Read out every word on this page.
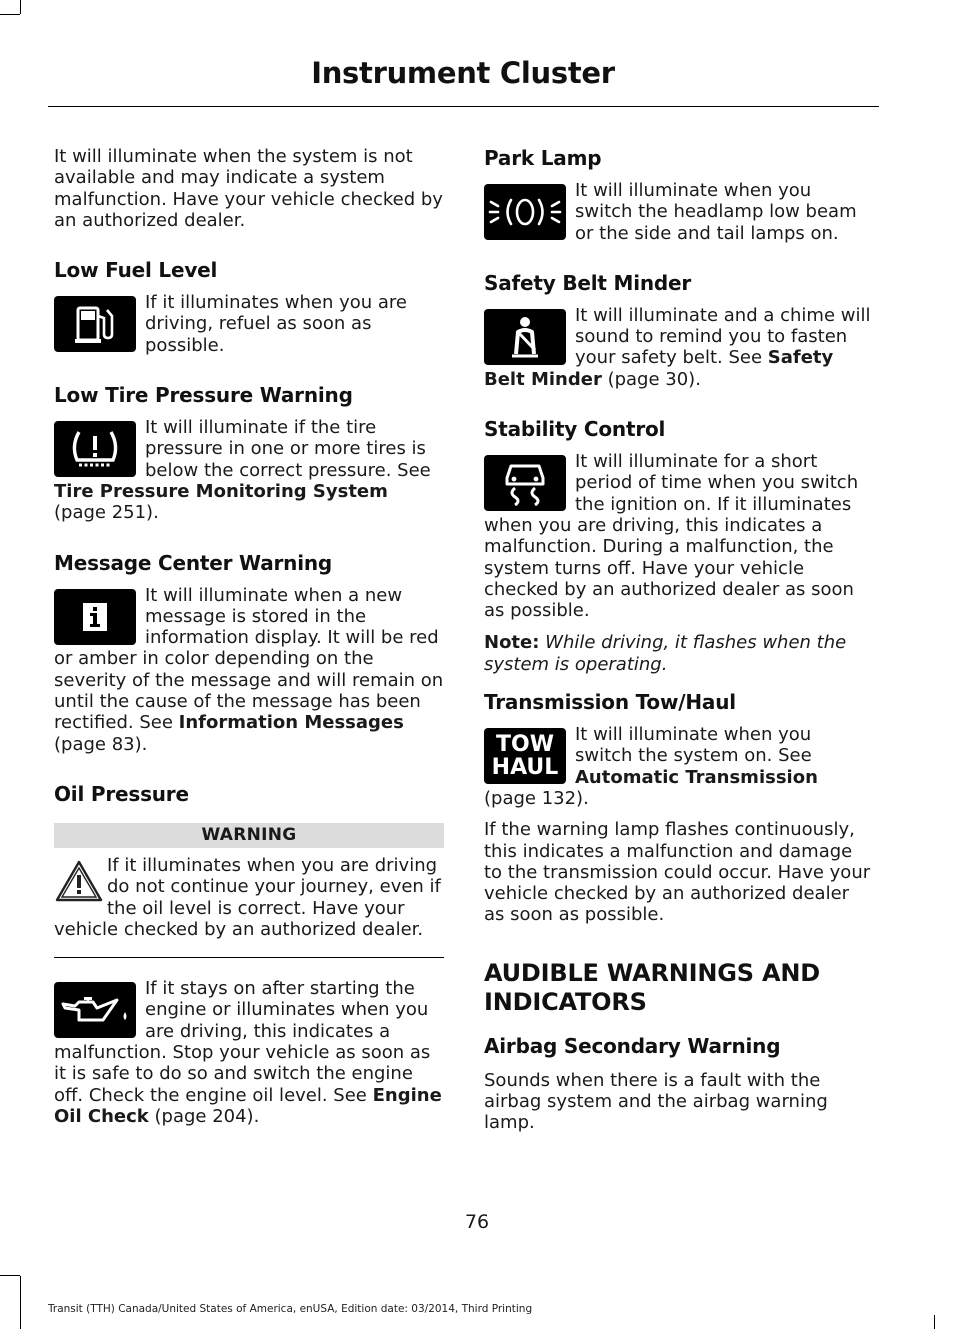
Instrument Cluster

It will illuminate when the system is not available and may indicate a system malfunction. Have your vehicle checked by an authorized dealer.

Low Fuel Level

If it illuminates when you are driving, refuel as soon as possible.

Low Tire Pressure Warning

It will illuminate if the tire pressure in one or more tires is below the correct pressure. See Tire Pressure Monitoring System (page 251).

Message Center Warning

It will illuminate when a new message is stored in the information display. It will be red or amber in color depending on the severity of the message and will remain on until the cause of the message has been rectified. See Information Messages (page 83).

Oil Pressure
WARNING

If it illuminates when you are driving do not continue your journey, even if the oil level is correct. Have your vehicle checked by an authorized dealer.

If it stays on after starting the engine or illuminates when you are driving, this indicates a malfunction. Stop your vehicle as soon as it is safe to do so and switch the engine off. Check the engine oil level. See Engine Oil Check (page 204).

Park Lamp

It will illuminate when you switch the headlamp low beam or the side and tail lamps on.

Safety Belt Minder

It will illuminate and a chime will sound to remind you to fasten your safety belt. See Safety Belt Minder (page 30).

Stability Control

It will illuminate for a short period of time when you switch the ignition on. If it illuminates when you are driving, this indicates a malfunction. During a malfunction, the system turns off. Have your vehicle checked by an authorized dealer as soon as possible.

Note: While driving, it flashes when the system is operating.

Transmission Tow/Haul
TOW
HAUL

It will illuminate when you switch the system on. See Automatic Transmission (page 132).

If the warning lamp flashes continuously, this indicates a malfunction and damage to the transmission could occur. Have your vehicle checked by an authorized dealer as soon as possible.

AUDIBLE WARNINGS AND INDICATORS
Airbag Secondary Warning

Sounds when there is a fault with the airbag system and the airbag warning lamp.

76
Transit (TTH) Canada/United States of America, enUSA, Edition date: 03/2014, Third Printing
